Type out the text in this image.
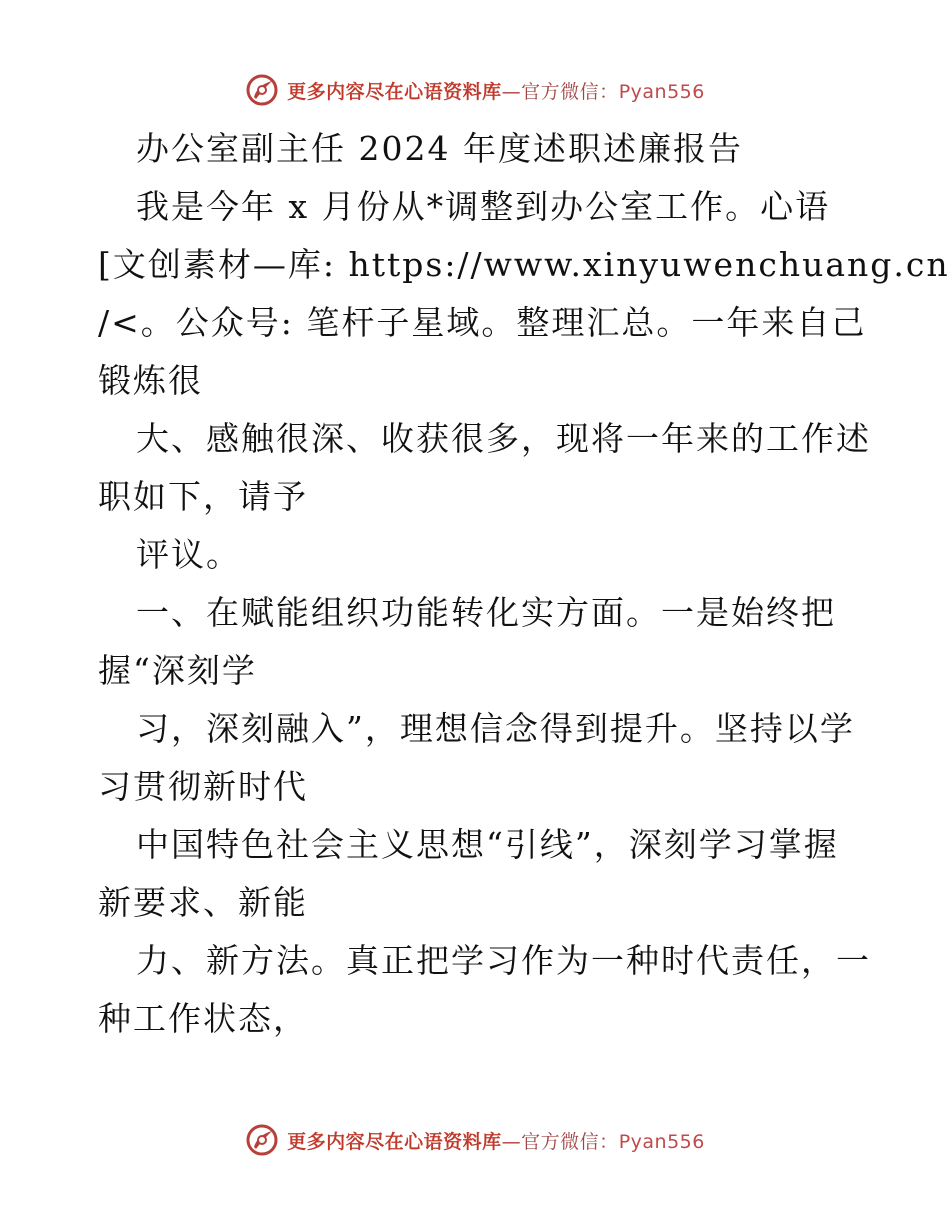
更多内容尽在心语资料库—官方微信：Pyan556
办公室副主任 2024 年度述职述廉报告
我是今年 x 月份从*调整到办公室工作。心语
[文创素材—库: https://www.xinyuwenchuang.cn
/<。公众号: 笔杆子星域。整理汇总。一年来自己
锻炼很
大、感触很深、收获很多，现将一年来的工作述
职如下，请予
评议。
一、在赋能组织功能转化实方面。一是始终把
握“深刻学
习，深刻融入”，理想信念得到提升。坚持以学
习贯彻新时代
中国特色社会主义思想“引线”，深刻学习掌握
新要求、新能
力、新方法。真正把学习作为一种时代责任，一
种工作状态，
更多内容尽在心语资料库—官方微信：Pyan556
